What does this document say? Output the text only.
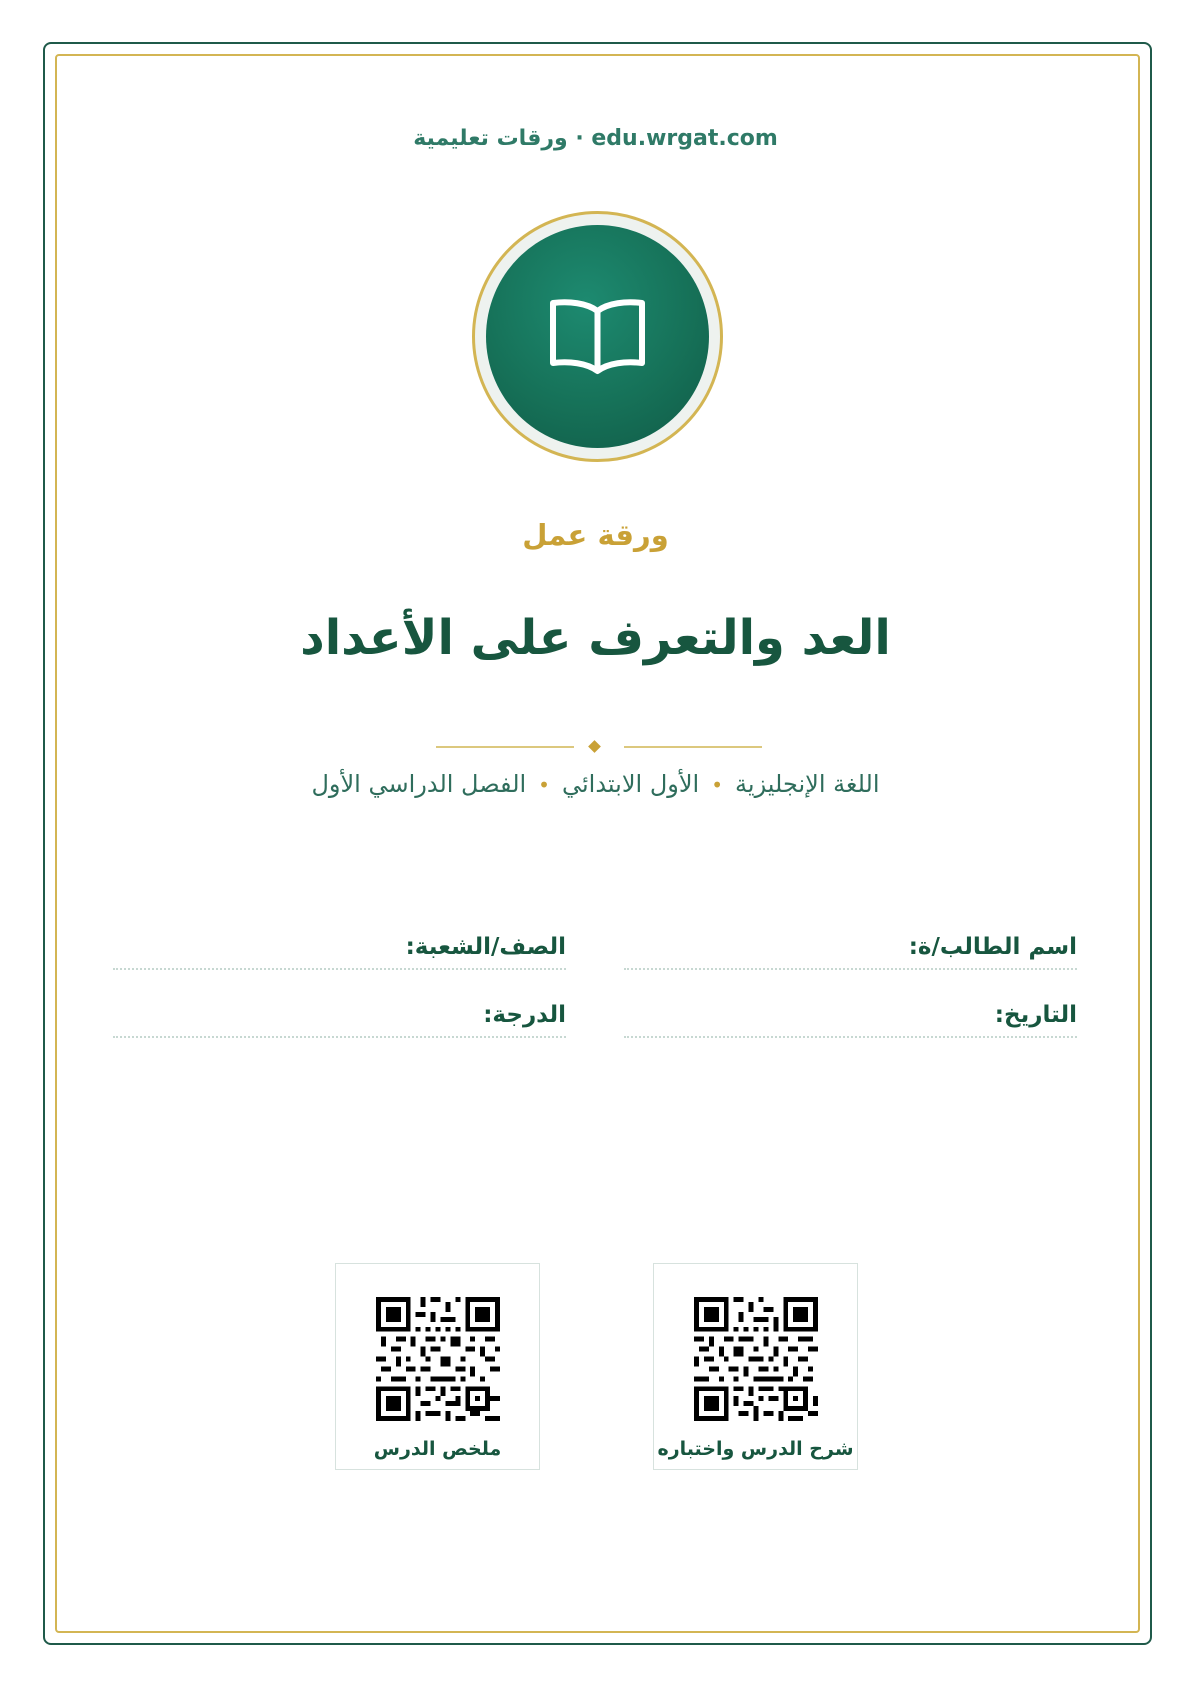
edu.wrgat.com · ورقات تعليمية
ورقة عمل
العد والتعرف على الأعداد
اللغة الإنجليزية•الأول الابتدائي•الفصل الدراسي الأول
اسم الطالب/ة:
الصف/الشعبة:
التاريخ:
الدرجة:
شرح الدرس واختباره
ملخص الدرس
